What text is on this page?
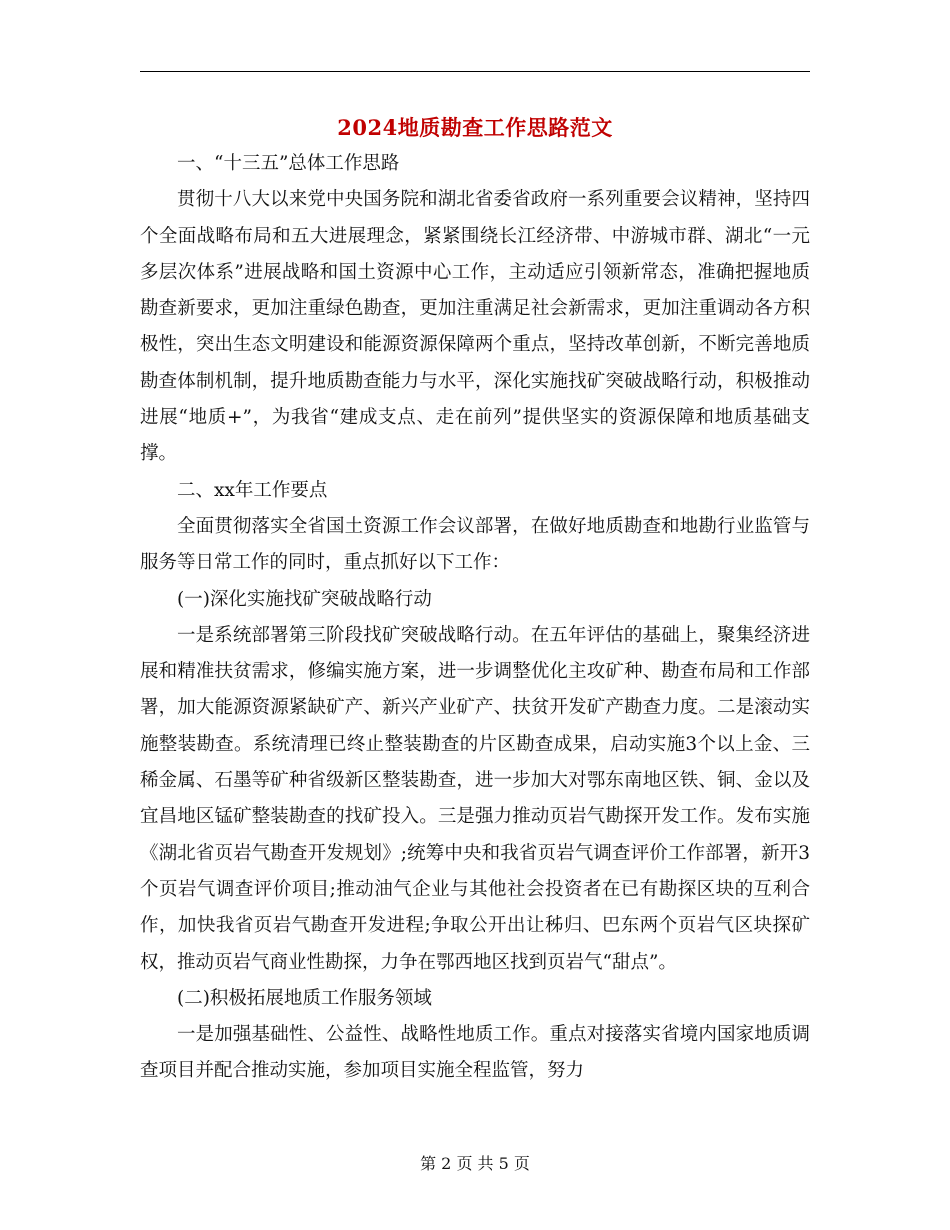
2024地质勘查工作思路范文

一、“十三五”总体工作思路

贯彻十八大以来党中央国务院和湖北省委省政府一系列重要会议精神，坚持四个全面战略布局和五大进展理念，紧紧围绕长江经济带、中游城市群、湖北“一元多层次体系”进展战略和国土资源中心工作，主动适应引领新常态，准确把握地质勘查新要求，更加注重绿色勘查，更加注重满足社会新需求，更加注重调动各方积极性，突出生态文明建设和能源资源保障两个重点，坚持改革创新，不断完善地质勘查体制机制，提升地质勘查能力与水平，深化实施找矿突破战略行动，积极推动进展“地质+”，为我省“建成支点、走在前列”提供坚实的资源保障和地质基础支撑。

二、xx年工作要点

全面贯彻落实全省国土资源工作会议部署，在做好地质勘查和地勘行业监管与服务等日常工作的同时，重点抓好以下工作：

(一)深化实施找矿突破战略行动

一是系统部署第三阶段找矿突破战略行动。在五年评估的基础上，聚集经济进展和精准扶贫需求，修编实施方案，进一步调整优化主攻矿种、勘查布局和工作部署，加大能源资源紧缺矿产、新兴产业矿产、扶贫开发矿产勘查力度。二是滚动实施整装勘查。系统清理已终止整装勘查的片区勘查成果，启动实施3个以上金、三稀金属、石墨等矿种省级新区整装勘查，进一步加大对鄂东南地区铁、铜、金以及宜昌地区锰矿整装勘查的找矿投入。三是强力推动页岩气勘探开发工作。发布实施《湖北省页岩气勘查开发规划》;统筹中央和我省页岩气调查评价工作部署，新开3个页岩气调查评价项目;推动油气企业与其他社会投资者在已有勘探区块的互利合作，加快我省页岩气勘查开发进程;争取公开出让秭归、巴东两个页岩气区块探矿权，推动页岩气商业性勘探，力争在鄂西地区找到页岩气“甜点”。

(二)积极拓展地质工作服务领域

一是加强基础性、公益性、战略性地质工作。重点对接落实省境内国家地质调查项目并配合推动实施，参加项目实施全程监管，努力

第 2 页 共 5 页
